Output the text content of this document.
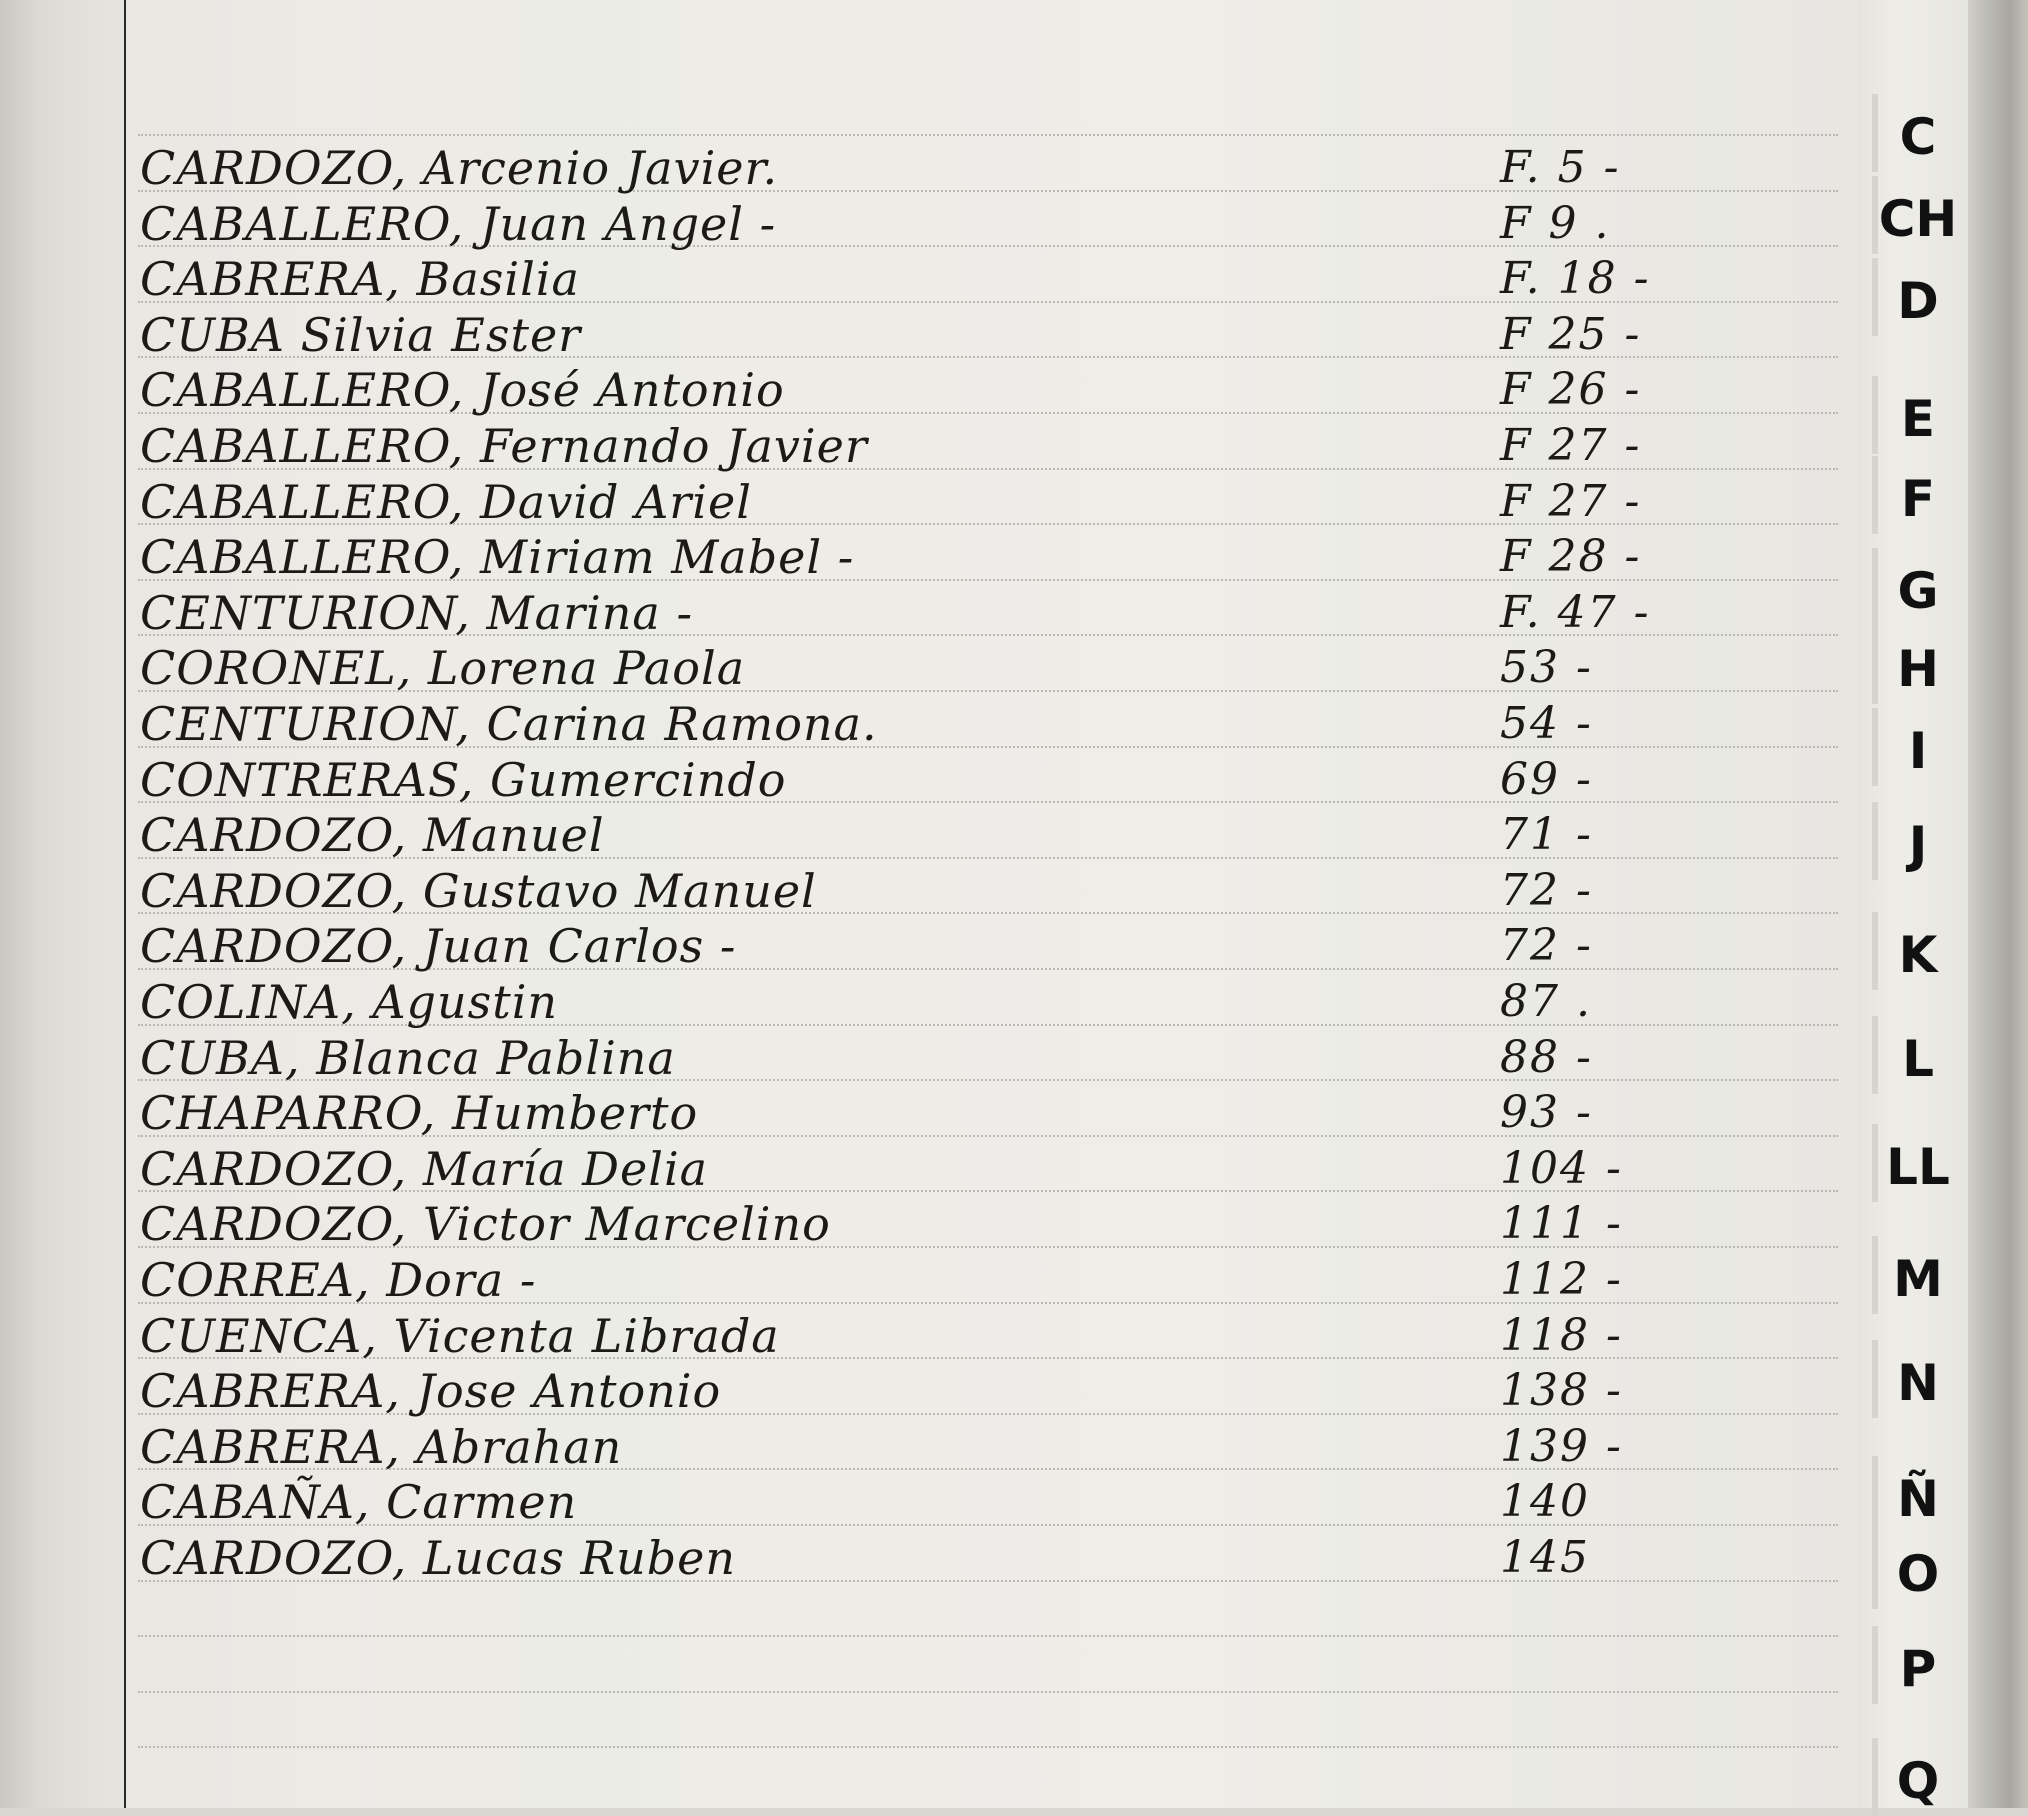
CARDOZO, Arcenio Javier.	F. 5 -
CABALLERO, Juan Angel -	F 9 .
CABRERA, Basilia	F. 18 -
CUBA Silvia Ester	F 25 -
CABALLERO, José Antonio	F 26 -
CABALLERO, Fernando Javier	F 27 -
CABALLERO, David Ariel	F 27 -
CABALLERO, Miriam Mabel -	F 28 -
CENTURION, Marina -	F. 47 -
CORONEL, Lorena Paola	53 -
CENTURION, Carina Ramona.	54 -
CONTRERAS, Gumercindo	69 -
CARDOZO, Manuel	71 -
CARDOZO, Gustavo Manuel	72 -
CARDOZO, Juan Carlos -	72 -
COLINA, Agustin	87 .
CUBA, Blanca Pablina	88 -
CHAPARRO, Humberto	93 -
CARDOZO, María Delia	104 -
CARDOZO, Victor Marcelino	111 -
CORREA, Dora -	112 -
CUENCA, Vicenta Librada	118 -
CABRERA, Jose Antonio	138 -
CABRERA, Abrahan	139 -
CABAÑA, Carmen	140
CARDOZO, Lucas Ruben	145
C
CH
D
E
F
G
H
I
J
K
L
LL
M
N
Ñ
O
P
Q
